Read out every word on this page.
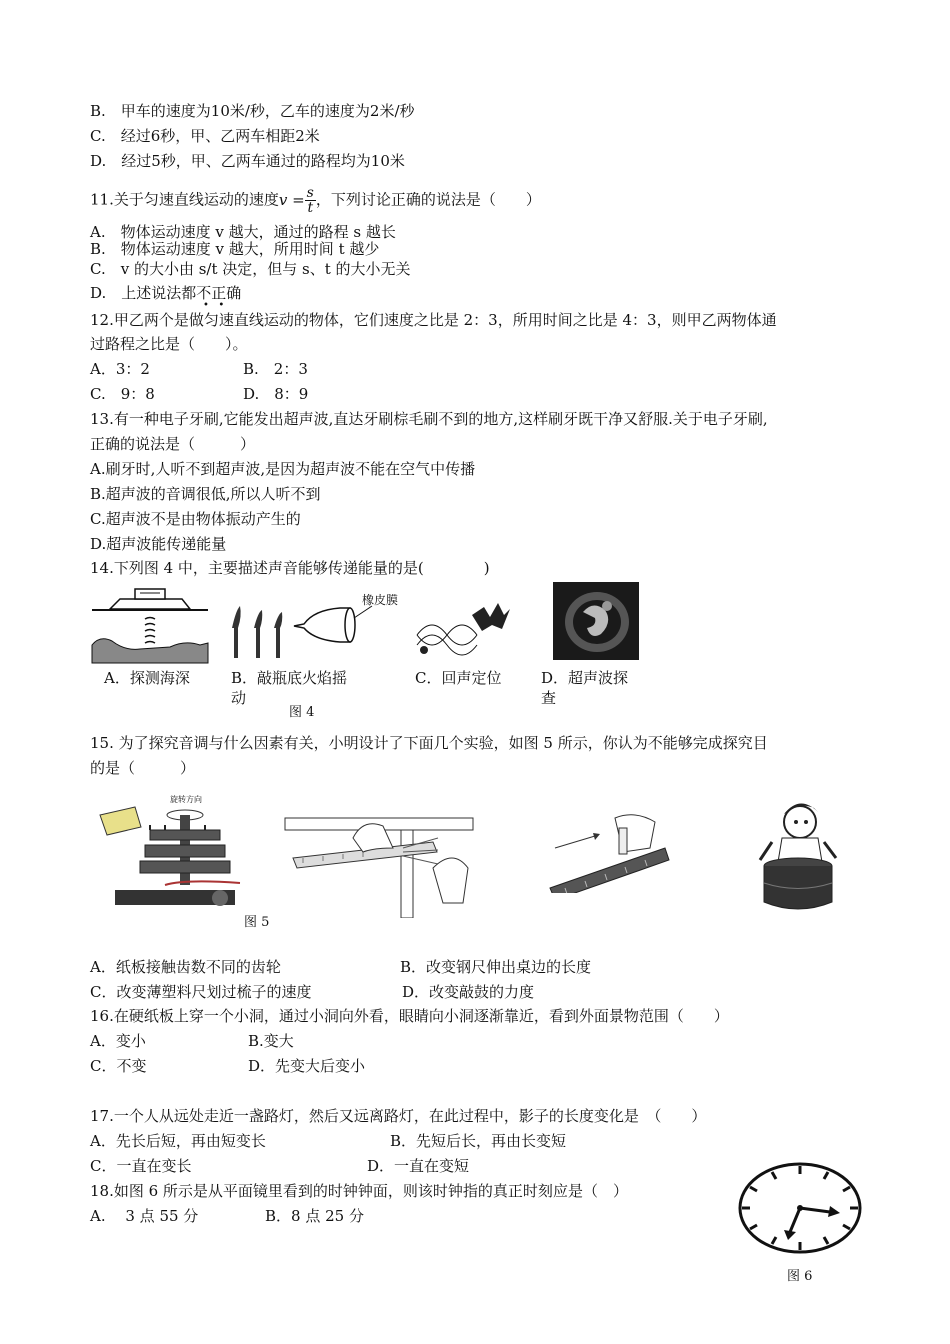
B.　甲车的速度为10米/秒，乙车的速度为2米/秒
C.　经过6秒，甲、乙两车相距2米
D.　经过5秒，甲、乙两车通过的路程均为10米
11.关于匀速直线运动的速度$v = \frac{s}{t}$ ，下列讨论正确的说法是（　　）
A.　物体运动速度 v 越大，通过的路程 s 越长
B.　物体运动速度 v 越大，所用时间 t 越少
C.　v 的大小由 s/t 决定，但与 s、t 的大小无关
D.　上述说法都不正确
•   •
12.甲乙两个是做匀速直线运动的物体，它们速度之比是 2：3，所用时间之比是 4：3，则甲乙两物体通
过路程之比是（　　）。
A．3：2	B.　2：3
C.　9：8	D.　8：9
13.有一种电子牙刷,它能发出超声波,直达牙刷棕毛刷不到的地方,这样刷牙既干净又舒服.关于电子牙刷,
正确的说法是（　　　）
A.刷牙时,人听不到超声波,是因为超声波不能在空气中传播
B.超声波的音调很低,所以人听不到
C.超声波不是由物体振动产生的
D.超声波能传递能量
14.下列图 4 中，主要描述声音能够传递能量的是(　　　　)
橡皮膜
A．探测海深	B．敲瓶底火焰摇
动
C．回声定位	D．超声波探
查
图 4
15. 为了探究音调与什么因素有关，小明设计了下面几个实验，如图 5 所示，你认为不能够完成探究目
的是（　　　）
旋转方向
图 5
A．纸板接触齿数不同的齿轮	B．改变钢尺伸出桌边的长度
C．改变薄塑料尺划过梳子的速度	D．改变敲鼓的力度
16.在硬纸板上穿一个小洞，通过小洞向外看，眼睛向小洞逐渐靠近，看到外面景物范围（　　）
A．变小	B.变大
C．不变	D．先变大后变小
17.一个人从远处走近一盏路灯，然后又远离路灯，在此过程中，影子的长度变化是　（　　）
A．先长后短，再由短变长	B．先短后长，再由长变短
C．一直在变长	D．一直在变短
18.如图 6 所示是从平面镜里看到的时钟钟面，则该时钟指的真正时刻应是（　）
A.　 3 点 55 分	B．8 点 25 分
图 6
